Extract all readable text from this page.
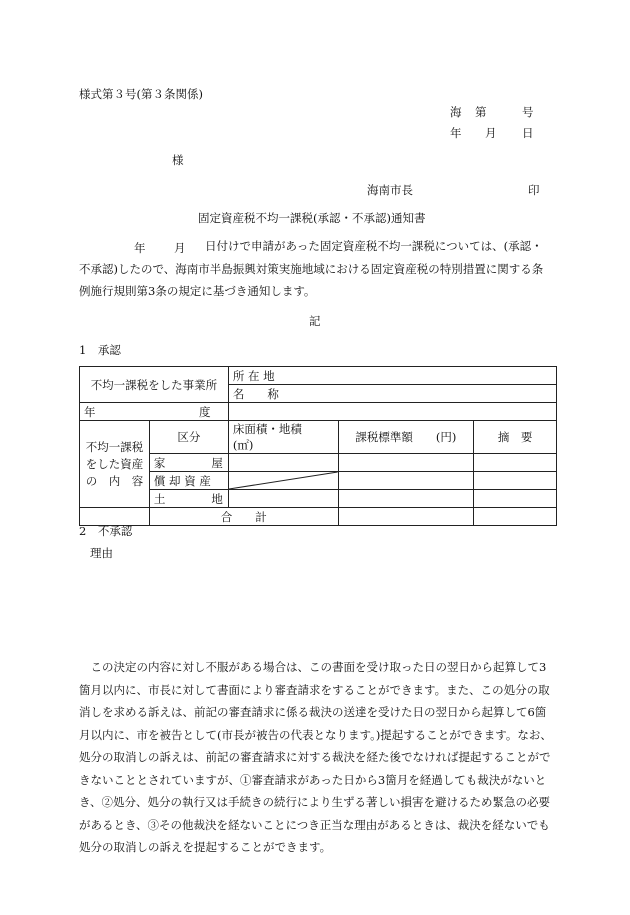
様式第３号(第３条関係)
海 第	号
年 月 日
様
海南市長	印
固定資産税不均一課税(承認・不承認)通知書
年 月	日付けで申請があった固定資産税不均一課税については、(承認・不承認)したので、海南市半島振興対策実施地域における固定資産税の特別措置に関する条例施行規則第3条の規定に基づき通知します。
記
1　承認
不均一課税をした事業所		所 在 地		
		名　　称		
年　　　　　　　　　度				

不均一課税
をした資産
の　内　容	区分	床面積・地積　(㎡)	課税標準額　　(円)	摘　要
	家　　　　屋			
	償 却 資 産	

	土　　　　地			
	合　　計			
2　不承認
理由
この決定の内容に対し不服がある場合は、この書面を受け取った日の翌日から起算して3箇月以内に、市長に対して書面により審査請求をすることができます。また、この処分の取消しを求める訴えは、前記の審査請求に係る裁決の送達を受けた日の翌日から起算して6箇月以内に、市を被告として(市長が被告の代表となります。)提起することができます。なお、処分の取消しの訴えは、前記の審査請求に対する裁決を経た後でなければ提起することができないこととされていますが、①審査請求があった日から3箇月を経過しても裁決がないとき、②処分、処分の執行又は手続きの続行により生ずる著しい損害を避けるため緊急の必要があるとき、③その他裁決を経ないことにつき正当な理由があるときは、裁決を経ないでも処分の取消しの訴えを提起することができます。
